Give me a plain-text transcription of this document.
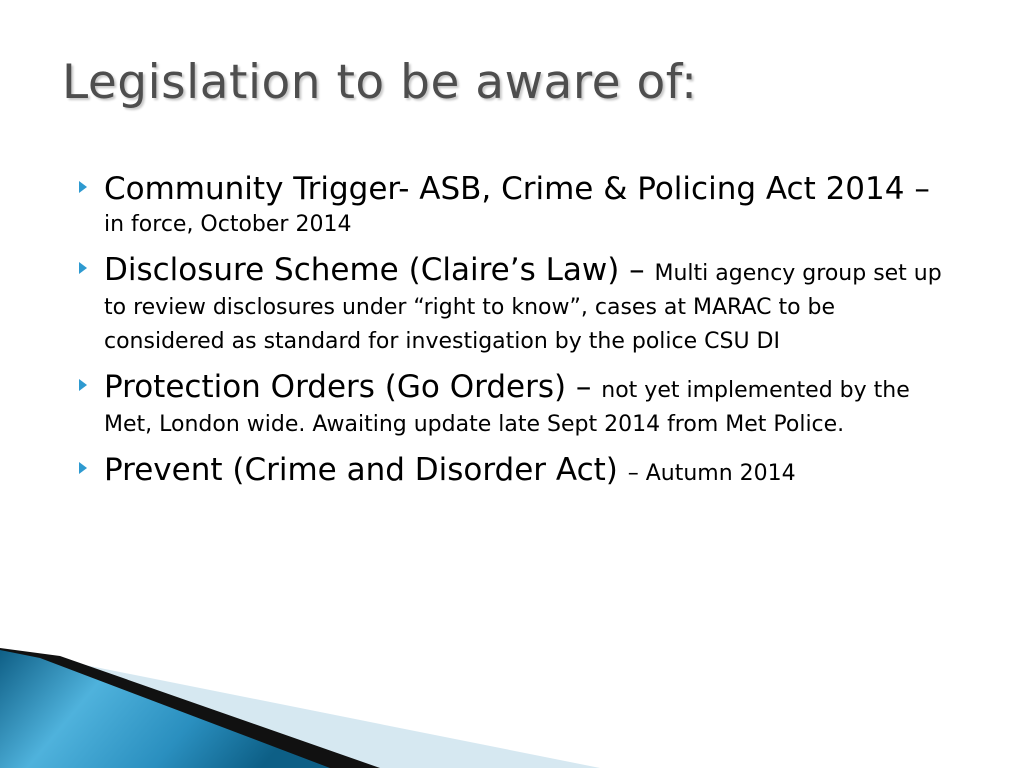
Legislation to be aware of:
Community Trigger- ASB, Crime & Policing Act 2014 – in force, October 2014
Disclosure Scheme (Claire’s Law) – Multi agency group set up to review disclosures under “right to know”, cases at MARAC to be considered as standard for investigation by the police CSU DI
Protection Orders (Go Orders) – not yet implemented by the Met, London wide. Awaiting update late Sept 2014 from Met Police.
Prevent (Crime and Disorder Act) – Autumn 2014
